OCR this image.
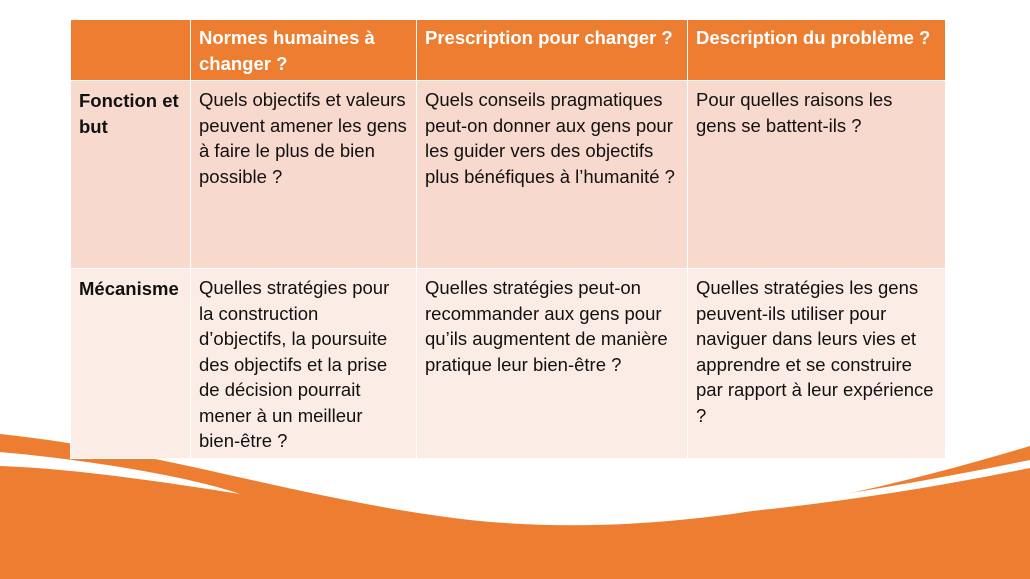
	Normes humaines à changer ?	Prescription pour changer ?	Description du problème ?
Fonction et but	Quels objectifs et valeurs peuvent amener les gens à faire le plus de bien possible ?	Quels conseils pragmatiques peut-on donner aux gens pour les guider vers des objectifs plus bénéfiques à l’humanité ?	Pour quelles raisons les gens se battent-ils ?
Mécanisme	Quelles stratégies pour la construction d’objectifs, la poursuite des objectifs et la prise de décision pourrait mener à un meilleur bien-être ?	Quelles stratégies peut-on recommander aux gens pour qu’ils augmentent de manière pratique leur bien-être ?	Quelles stratégies les gens peuvent-ils utiliser pour naviguer dans leurs vies et apprendre et se construire par rapport à leur expérience ?
